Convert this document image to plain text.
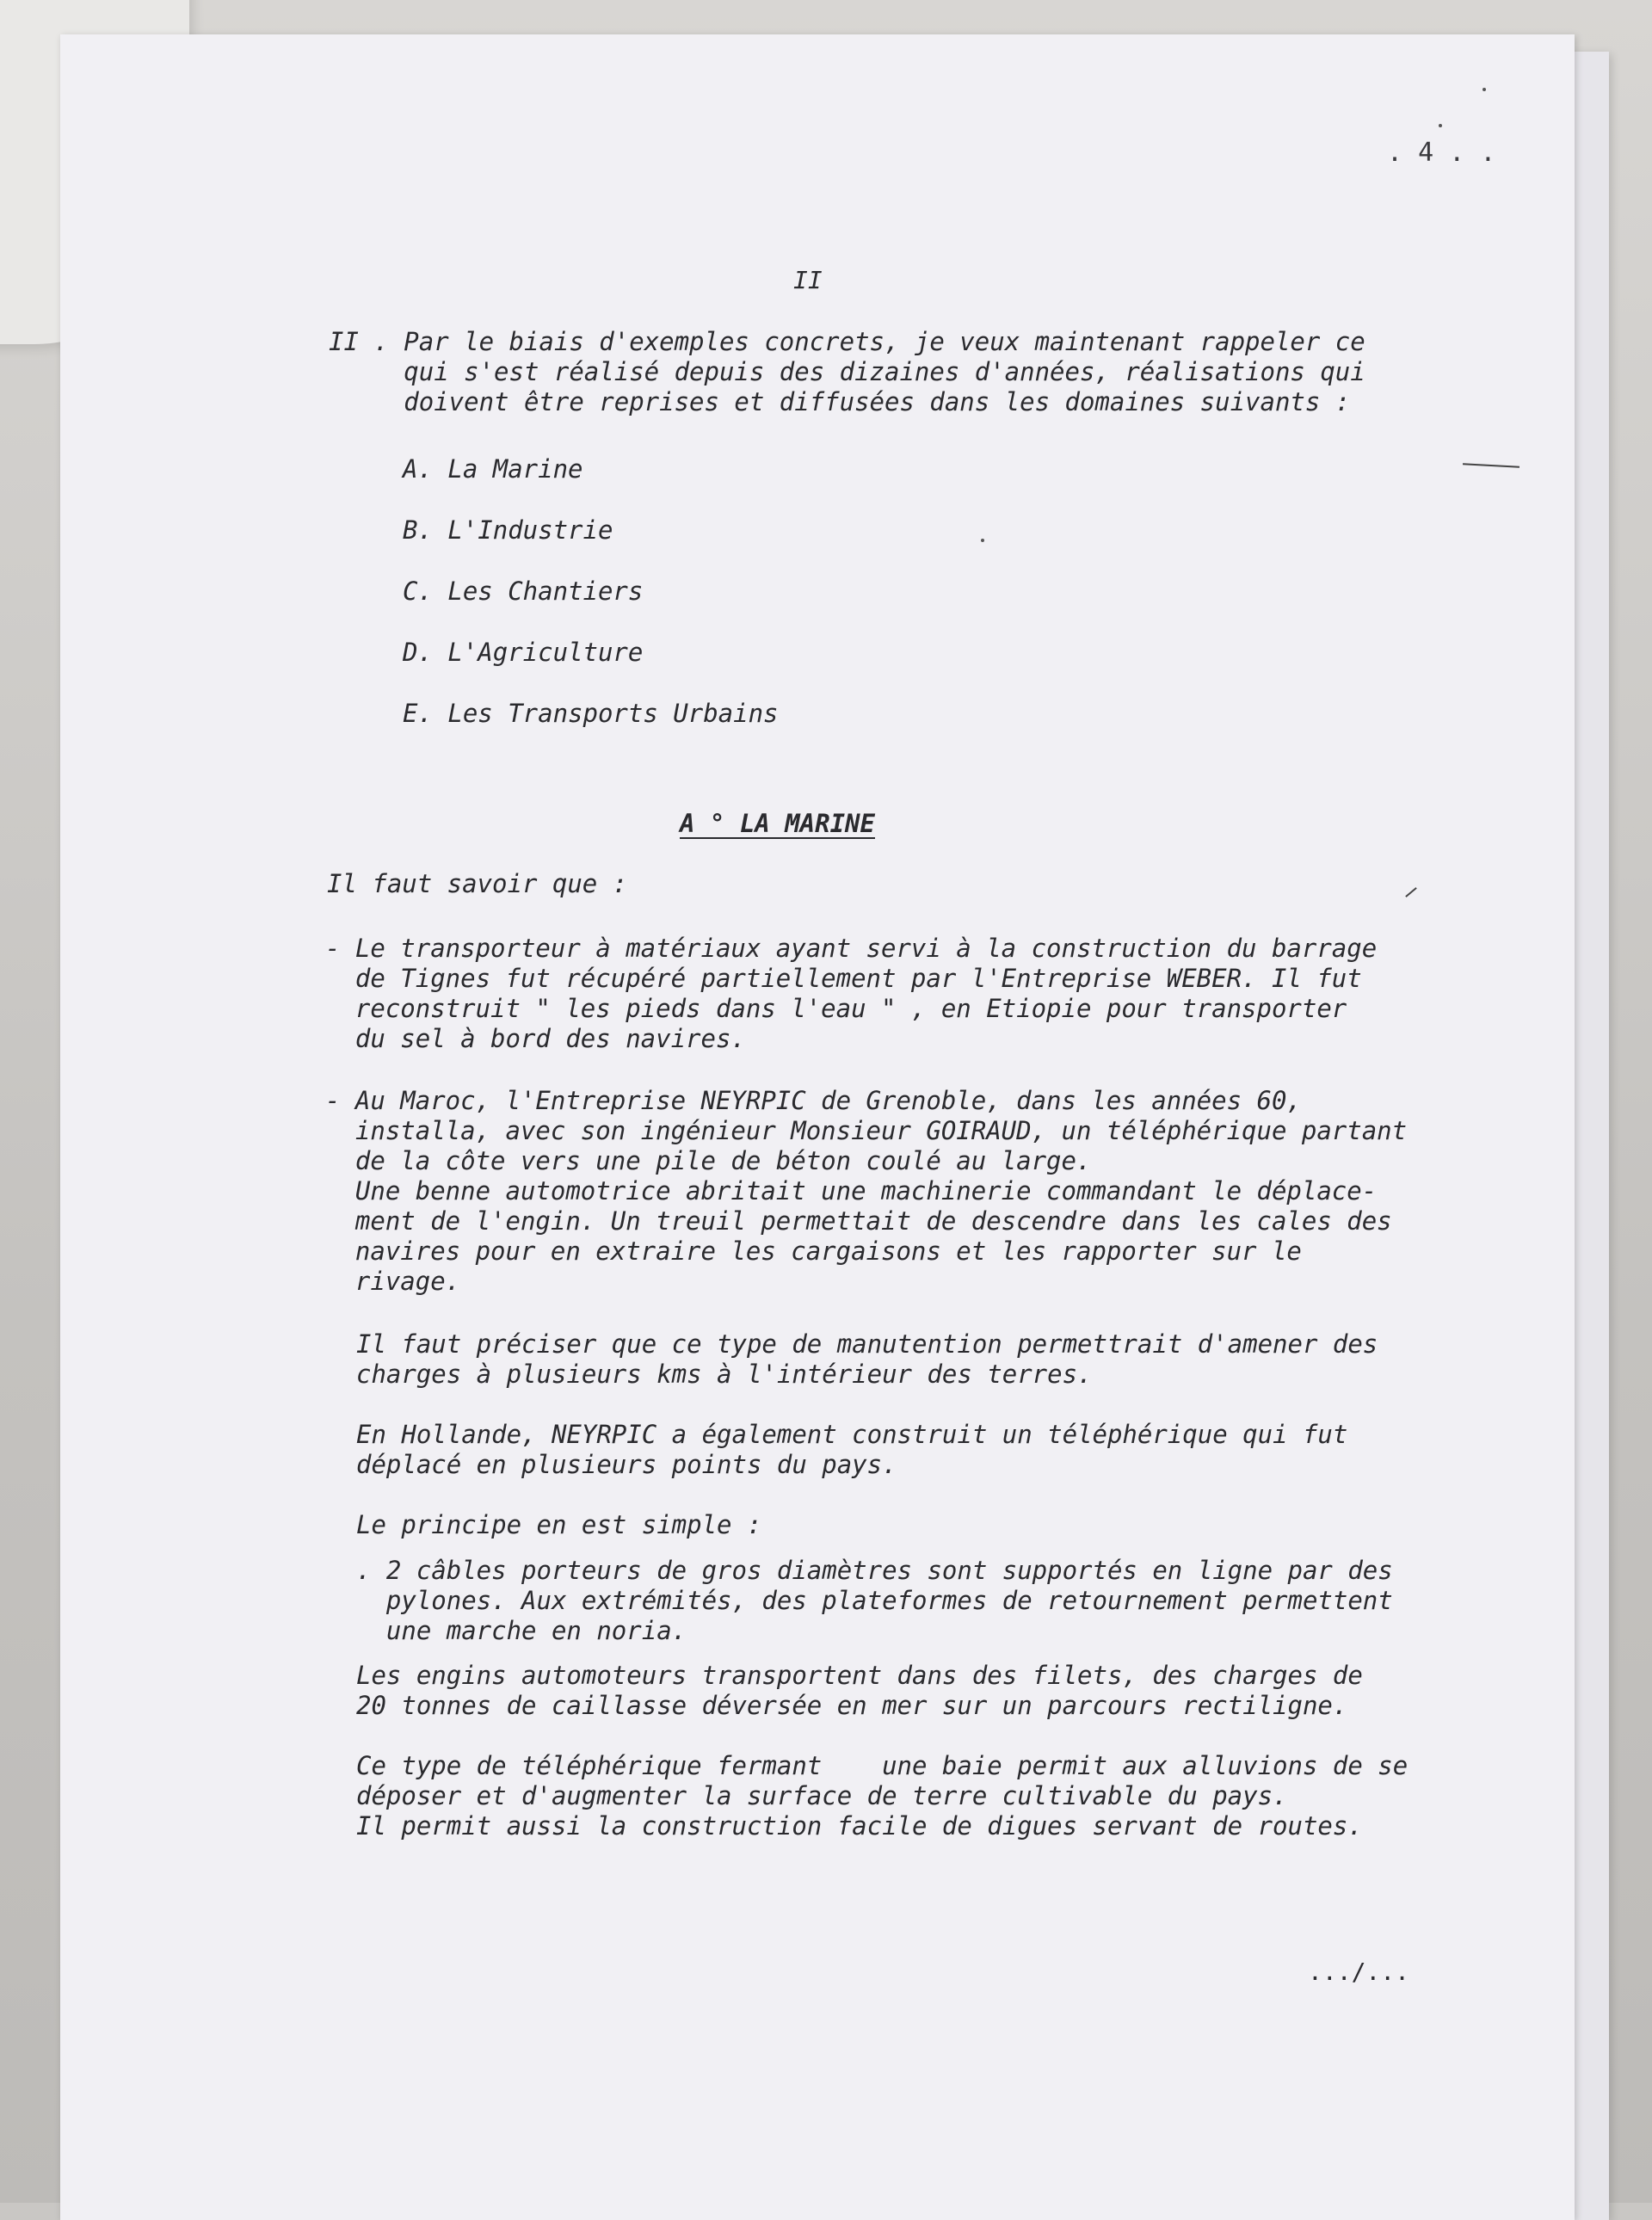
. 4 . .

II

II . Par le biais d'exemples concrets, je veux maintenant rappeler ce
qui s'est réalisé depuis des dizaines d'années, réalisations qui
doivent être reprises et diffusées dans les domaines suivants :

A. La Marine

B. L'Industrie

C. Les Chantiers

D. L'Agriculture

E. Les Transports Urbains

A ° LA MARINE

Il faut savoir que :

- Le transporteur à matériaux ayant servi à la construction du barrage
de Tignes fut récupéré partiellement par l'Entreprise WEBER. Il fut
reconstruit " les pieds dans l'eau " , en Etiopie pour transporter
du sel à bord des navires.

- Au Maroc, l'Entreprise NEYRPIC de Grenoble, dans les années 60,
installa, avec son ingénieur Monsieur GOIRAUD, un téléphérique partant
de la côte vers une pile de béton coulé au large.
Une benne automotrice abritait une machinerie commandant le déplace-
ment de l'engin. Un treuil permettait de descendre dans les cales des
navires pour en extraire les cargaisons et les rapporter sur le
rivage.

Il faut préciser que ce type de manutention permettrait d'amener des
charges à plusieurs kms à l'intérieur des terres.

En Hollande, NEYRPIC a également construit un téléphérique qui fut
déplacé en plusieurs points du pays.

Le principe en est simple :

. 2 câbles porteurs de gros diamètres sont supportés en ligne par des
pylones. Aux extrémités, des plateformes de retournement permettent
une marche en noria.

Les engins automoteurs transportent dans des filets, des charges de
20 tonnes de caillasse déversée en mer sur un parcours rectiligne.

Ce type de téléphérique fermant    une baie permit aux alluvions de se
déposer et d'augmenter la surface de terre cultivable du pays.
Il permit aussi la construction facile de digues servant de routes.

.../...
